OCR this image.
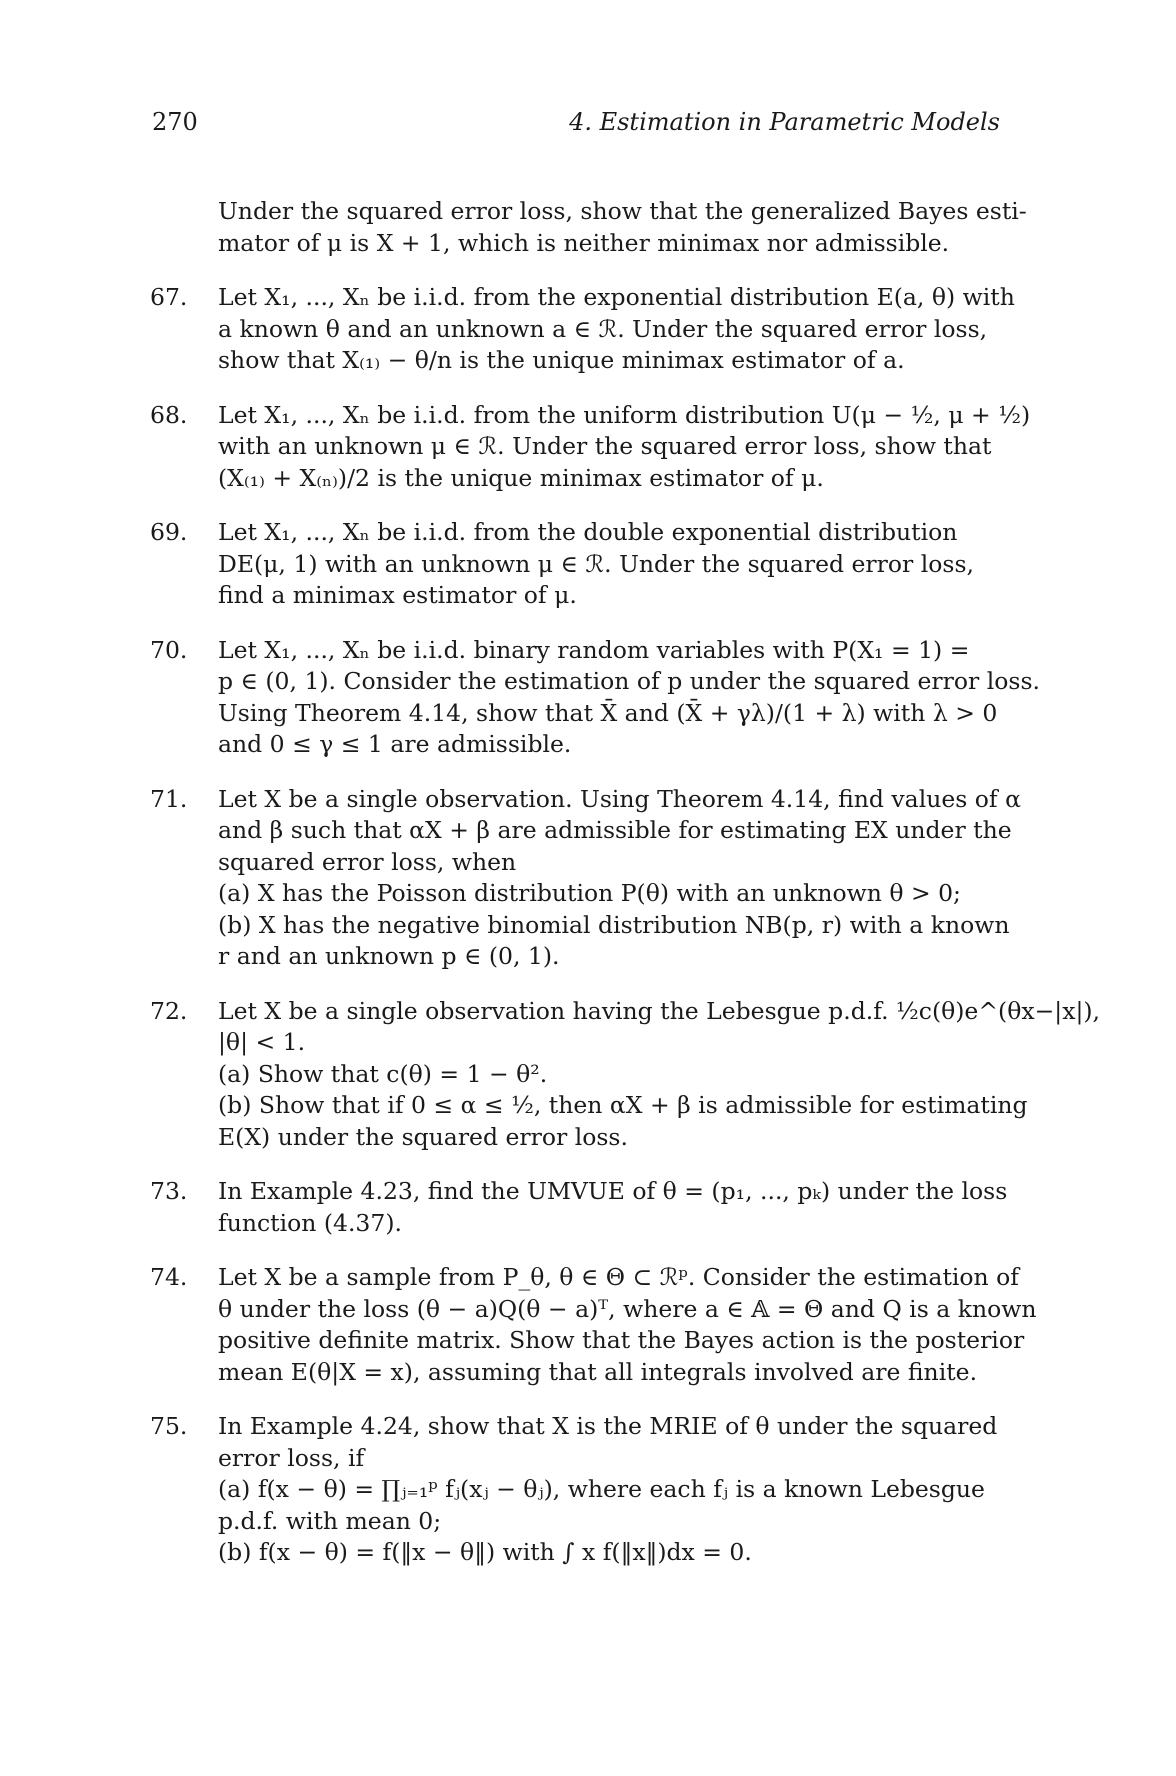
270	4. Estimation in Parametric Models
Under the squared error loss, show that the generalized Bayes esti-
mator of μ is X + 1, which is neither minimax nor admissible.
67.	Let X₁, ..., Xₙ be i.i.d. from the exponential distribution E(a, θ) with
a known θ and an unknown a ∈ ℛ. Under the squared error loss,
show that X₍₁₎ − θ/n is the unique minimax estimator of a.
68.	Let X₁, ..., Xₙ be i.i.d. from the uniform distribution U(μ − ½, μ + ½)
with an unknown μ ∈ ℛ. Under the squared error loss, show that
(X₍₁₎ + X₍ₙ₎)/2 is the unique minimax estimator of μ.
69.	Let X₁, ..., Xₙ be i.i.d. from the double exponential distribution
DE(μ, 1) with an unknown μ ∈ ℛ. Under the squared error loss,
find a minimax estimator of μ.
70.	Let X₁, ..., Xₙ be i.i.d. binary random variables with P(X₁ = 1) =
p ∈ (0, 1). Consider the estimation of p under the squared error loss.
Using Theorem 4.14, show that X̄ and (X̄ + γλ)/(1 + λ) with λ > 0
and 0 ≤ γ ≤ 1 are admissible.
71.	Let X be a single observation. Using Theorem 4.14, find values of α
and β such that αX + β are admissible for estimating EX under the
squared error loss, when
(a) X has the Poisson distribution P(θ) with an unknown θ > 0;
(b) X has the negative binomial distribution NB(p, r) with a known
r and an unknown p ∈ (0, 1).
72.	Let X be a single observation having the Lebesgue p.d.f. ½c(θ)e^(θx−|x|),
|θ| < 1.
(a) Show that c(θ) = 1 − θ².
(b) Show that if 0 ≤ α ≤ ½, then αX + β is admissible for estimating
E(X) under the squared error loss.
73.	In Example 4.23, find the UMVUE of θ = (p₁, ..., pₖ) under the loss
function (4.37).
74.	Let X be a sample from P_θ, θ ∈ Θ ⊂ ℛᵖ. Consider the estimation of
θ under the loss (θ − a)Q(θ − a)ᵀ, where a ∈ 𝔸 = Θ and Q is a known
positive definite matrix. Show that the Bayes action is the posterior
mean E(θ|X = x), assuming that all integrals involved are finite.
75.	In Example 4.24, show that X is the MRIE of θ under the squared
error loss, if
(a) f(x − θ) = ∏ⱼ₌₁ᵖ fⱼ(xⱼ − θⱼ), where each fⱼ is a known Lebesgue
p.d.f. with mean 0;
(b) f(x − θ) = f(‖x − θ‖) with ∫ x f(‖x‖)dx = 0.
